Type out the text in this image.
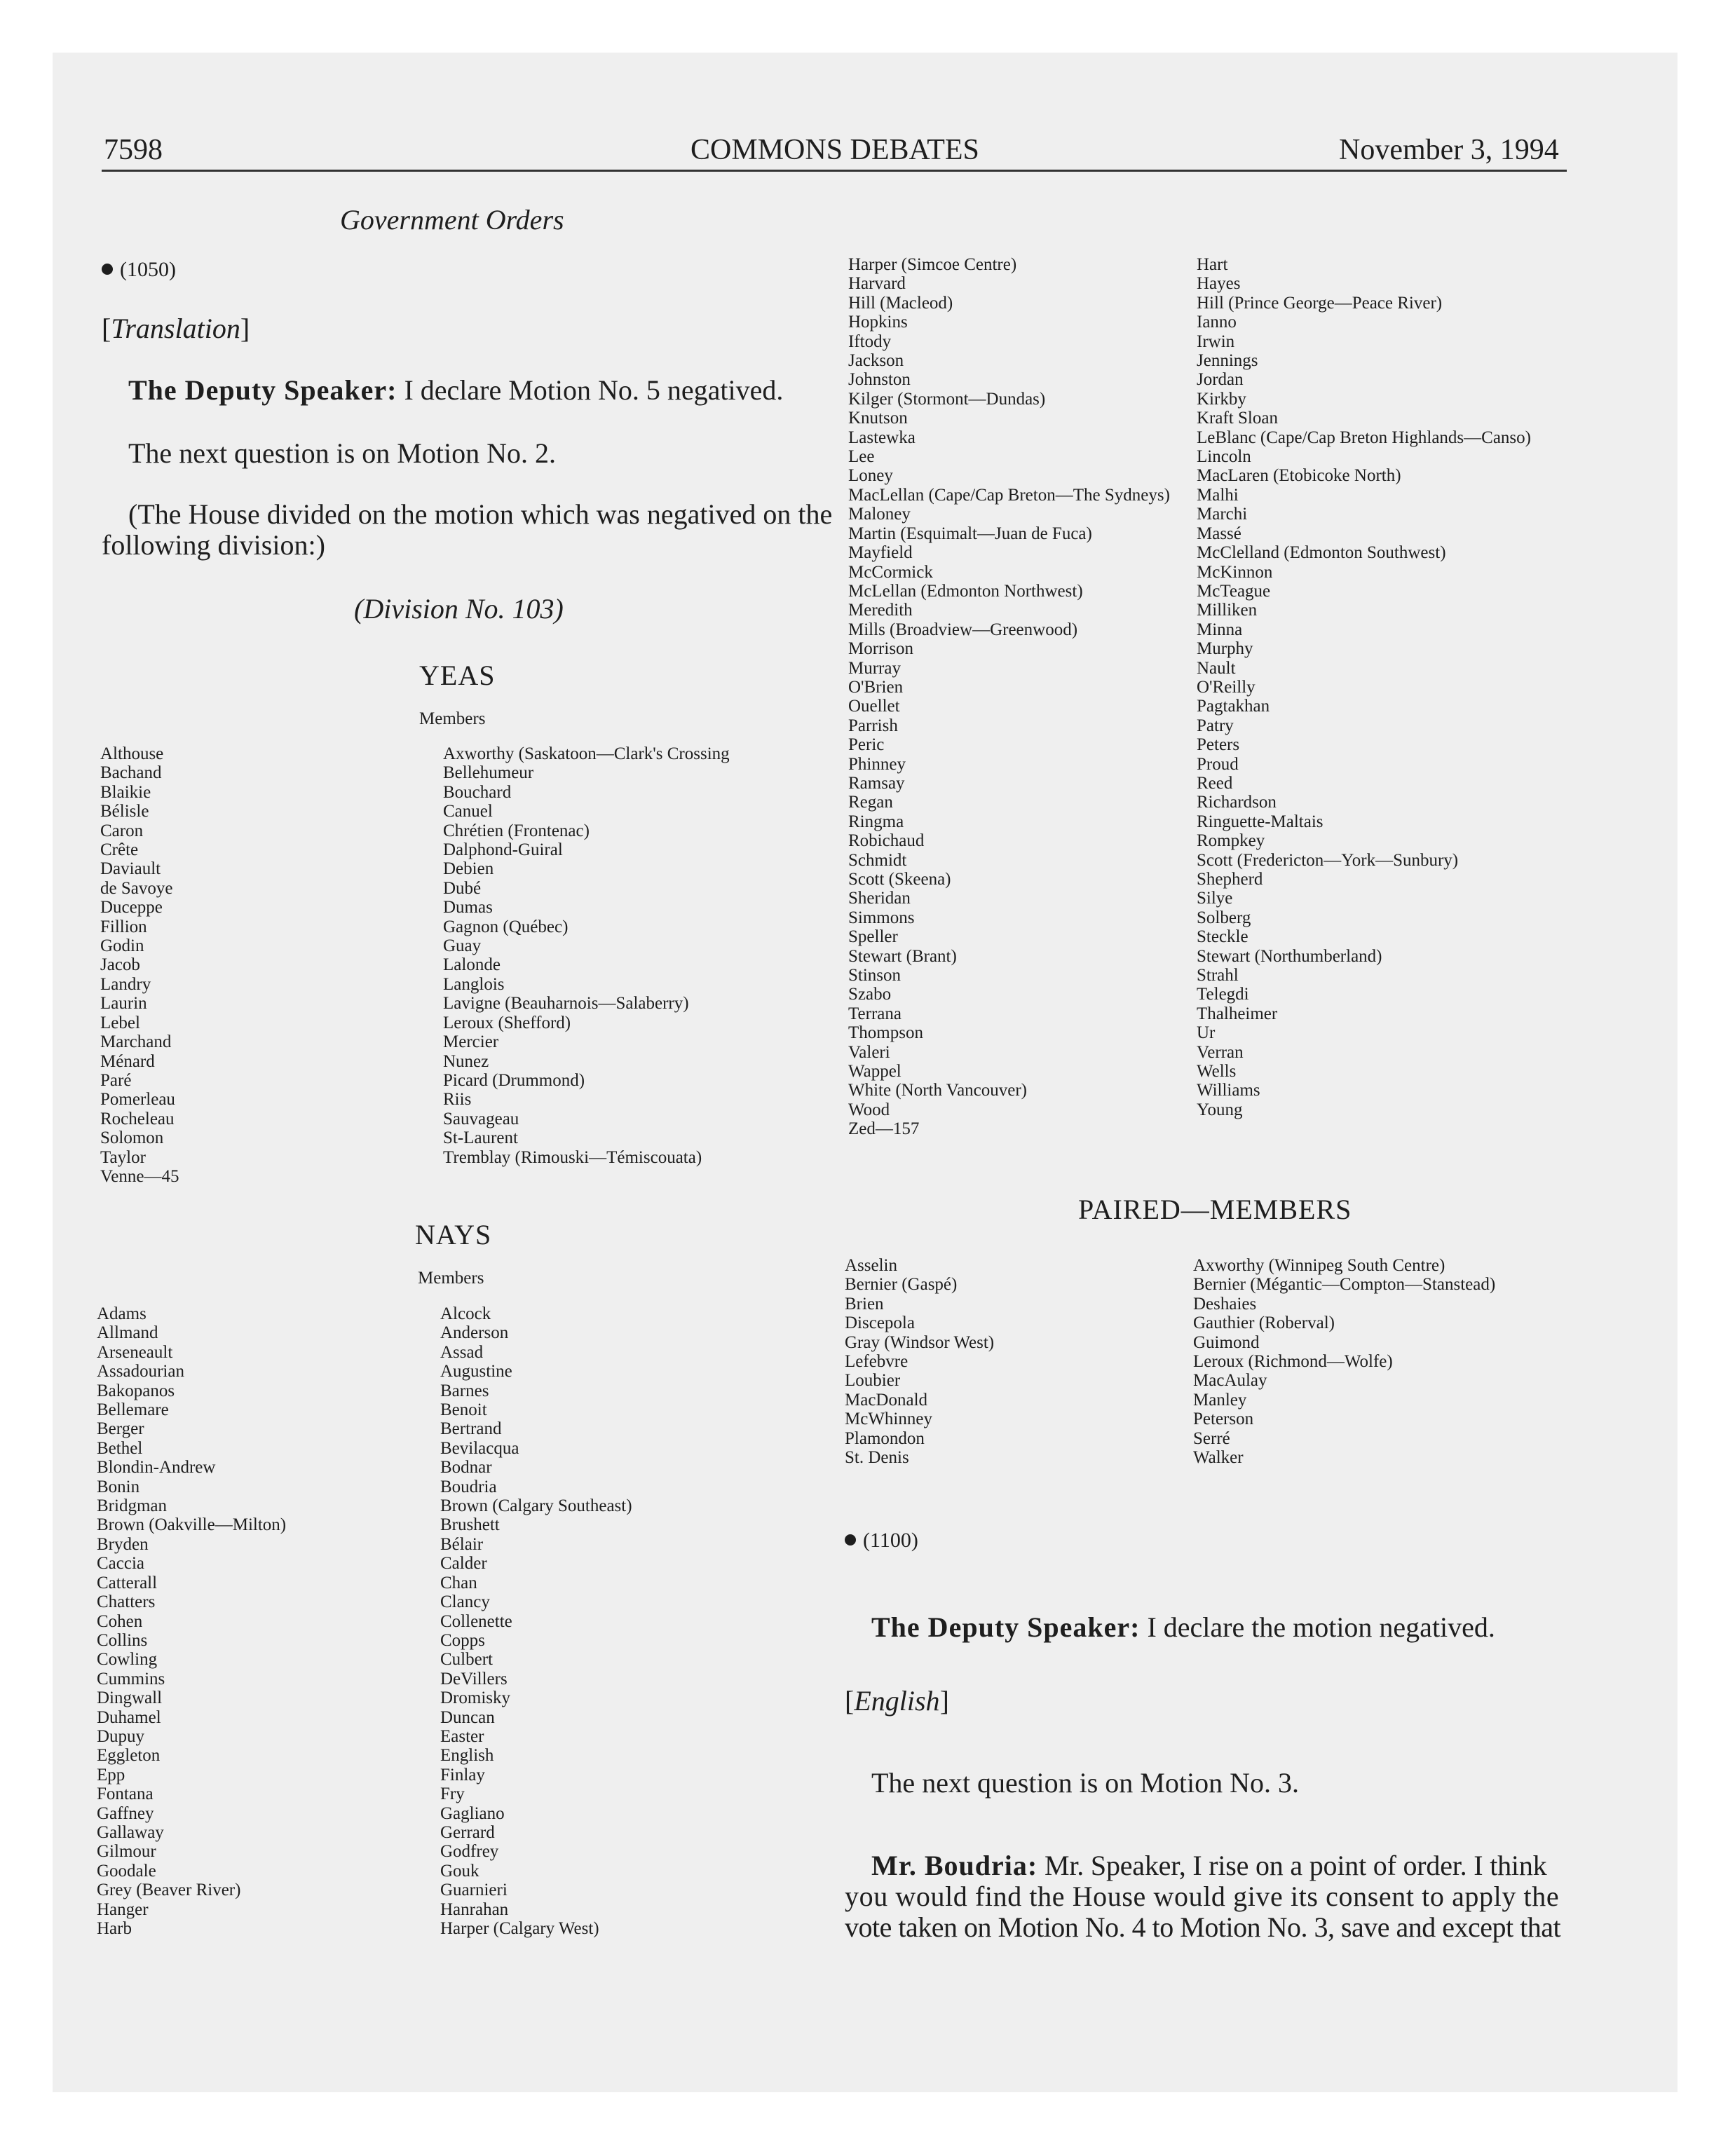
7598	COMMONS DEBATES	November 3, 1994
Government Orders
(1050)
[Translation]
The Deputy Speaker: I declare Motion No. 5 negatived.
The next question is on Motion No. 2.
(The House divided on the motion which was negatived on the
following division:)
(Division No. 103)
YEAS
Members
Althouse
Bachand
Blaikie
Bélisle
Caron
Crête
Daviault
de Savoye
Duceppe
Fillion
Godin
Jacob
Landry
Laurin
Lebel
Marchand
Ménard
Paré
Pomerleau
Rocheleau
Solomon
Taylor
Venne—45
Axworthy (Saskatoon—Clark's Crossing
Bellehumeur
Bouchard
Canuel
Chrétien (Frontenac)
Dalphond-Guiral
Debien
Dubé
Dumas
Gagnon (Québec)
Guay
Lalonde
Langlois
Lavigne (Beauharnois—Salaberry)
Leroux (Shefford)
Mercier
Nunez
Picard (Drummond)
Riis
Sauvageau
St-Laurent
Tremblay (Rimouski—Témiscouata)
NAYS
Members
Adams
Allmand
Arseneault
Assadourian
Bakopanos
Bellemare
Berger
Bethel
Blondin-Andrew
Bonin
Bridgman
Brown (Oakville—Milton)
Bryden
Caccia
Catterall
Chatters
Cohen
Collins
Cowling
Cummins
Dingwall
Duhamel
Dupuy
Eggleton
Epp
Fontana
Gaffney
Gallaway
Gilmour
Goodale
Grey (Beaver River)
Hanger
Harb
Alcock
Anderson
Assad
Augustine
Barnes
Benoit
Bertrand
Bevilacqua
Bodnar
Boudria
Brown (Calgary Southeast)
Brushett
Bélair
Calder
Chan
Clancy
Collenette
Copps
Culbert
DeVillers
Dromisky
Duncan
Easter
English
Finlay
Fry
Gagliano
Gerrard
Godfrey
Gouk
Guarnieri
Hanrahan
Harper (Calgary West)
Harper (Simcoe Centre)
Harvard
Hill (Macleod)
Hopkins
Iftody
Jackson
Johnston
Kilger (Stormont—Dundas)
Knutson
Lastewka
Lee
Loney
MacLellan (Cape/Cap Breton—The Sydneys)
Maloney
Martin (Esquimalt—Juan de Fuca)
Mayfield
McCormick
McLellan (Edmonton Northwest)
Meredith
Mills (Broadview—Greenwood)
Morrison
Murray
O'Brien
Ouellet
Parrish
Peric
Phinney
Ramsay
Regan
Ringma
Robichaud
Schmidt
Scott (Skeena)
Sheridan
Simmons
Speller
Stewart (Brant)
Stinson
Szabo
Terrana
Thompson
Valeri
Wappel
White (North Vancouver)
Wood
Zed—157
Hart
Hayes
Hill (Prince George—Peace River)
Ianno
Irwin
Jennings
Jordan
Kirkby
Kraft Sloan
LeBlanc (Cape/Cap Breton Highlands—Canso)
Lincoln
MacLaren (Etobicoke North)
Malhi
Marchi
Massé
McClelland (Edmonton Southwest)
McKinnon
McTeague
Milliken
Minna
Murphy
Nault
O'Reilly
Pagtakhan
Patry
Peters
Proud
Reed
Richardson
Ringuette-Maltais
Rompkey
Scott (Fredericton—York—Sunbury)
Shepherd
Silye
Solberg
Steckle
Stewart (Northumberland)
Strahl
Telegdi
Thalheimer
Ur
Verran
Wells
Williams
Young
PAIRED—MEMBERS
Asselin
Bernier (Gaspé)
Brien
Discepola
Gray (Windsor West)
Lefebvre
Loubier
MacDonald
McWhinney
Plamondon
St. Denis
Axworthy (Winnipeg South Centre)
Bernier (Mégantic—Compton—Stanstead)
Deshaies
Gauthier (Roberval)
Guimond
Leroux (Richmond—Wolfe)
MacAulay
Manley
Peterson
Serré
Walker
(1100)
The Deputy Speaker: I declare the motion negatived.
[English]
The next question is on Motion No. 3.
Mr. Boudria: Mr. Speaker, I rise on a point of order. I think
you would find the House would give its consent to apply the
vote taken on Motion No. 4 to Motion No. 3, save and except that
